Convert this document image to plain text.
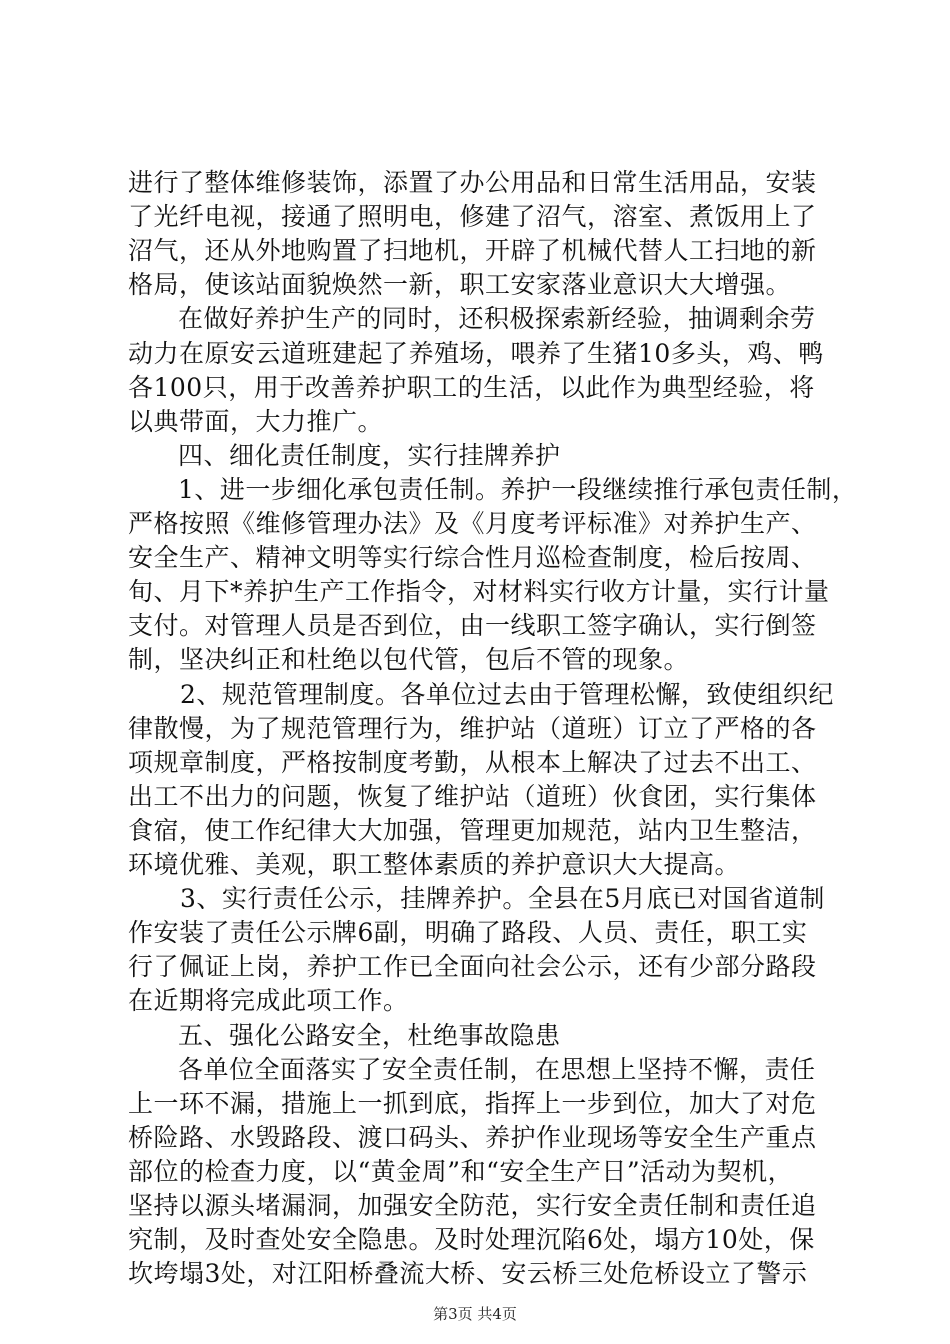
进行了整体维修装饰，添置了办公用品和日常生活用品，安装
了光纤电视，接通了照明电，修建了沼气，溶室、煮饭用上了
沼气，还从外地购置了扫地机，开辟了机械代替人工扫地的新
格局，使该站面貌焕然一新，职工安家落业意识大大增强。
在做好养护生产的同时，还积极探索新经验，抽调剩余劳
动力在原安云道班建起了养殖场，喂养了生猪10多头，鸡、鸭
各100只，用于改善养护职工的生活，以此作为典型经验，将
以典带面，大力推广。
四、细化责任制度，实行挂牌养护
1、进一步细化承包责任制。养护一段继续推行承包责任制，
严格按照《维修管理办法》及《月度考评标准》对养护生产、
安全生产、精神文明等实行综合性月巡检查制度，检后按周、
旬、月下*养护生产工作指令，对材料实行收方计量，实行计量
支付。对管理人员是否到位，由一线职工签字确认，实行倒签
制，坚决纠正和杜绝以包代管，包后不管的现象。
2、规范管理制度。各单位过去由于管理松懈，致使组织纪
律散慢，为了规范管理行为，维护站（道班）订立了严格的各
项规章制度，严格按制度考勤，从根本上解决了过去不出工、
出工不出力的问题，恢复了维护站（道班）伙食团，实行集体
食宿，使工作纪律大大加强，管理更加规范，站内卫生整洁，
环境优雅、美观，职工整体素质的养护意识大大提高。
3、实行责任公示，挂牌养护。全县在5月底已对国省道制
作安装了责任公示牌6副，明确了路段、人员、责任，职工实
行了佩证上岗，养护工作已全面向社会公示，还有少部分路段
在近期将完成此项工作。
五、强化公路安全，杜绝事故隐患
各单位全面落实了安全责任制，在思想上坚持不懈，责任
上一环不漏，措施上一抓到底，指挥上一步到位，加大了对危
桥险路、水毁路段、渡口码头、养护作业现场等安全生产重点
部位的检查力度，以“黄金周”和“安全生产日”活动为契机，
坚持以源头堵漏洞，加强安全防范，实行安全责任制和责任追
究制，及时查处安全隐患。及时处理沉陷6处，塌方10处，保
坎垮塌3处，对江阳桥叠流大桥、安云桥三处危桥设立了警示
第3页 共4页
